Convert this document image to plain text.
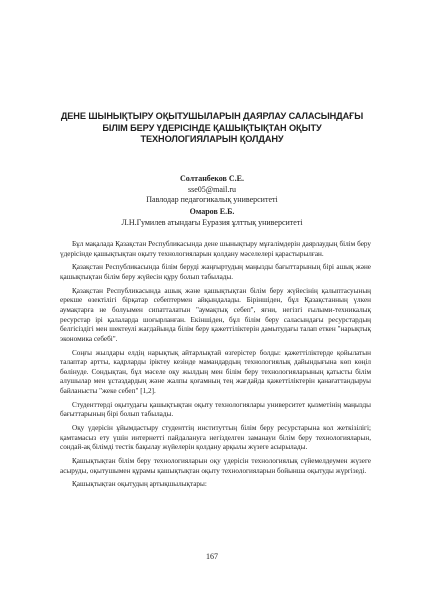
ДЕНЕ ШЫНЫҚТЫРУ ОҚЫТУШЫЛАРЫН ДАЯРЛАУ САЛАСЫНДАҒЫ
БІЛІМ БЕРУ ҮДЕРІСІНДЕ ҚАШЫҚТЫҚТАН ОҚЫТУ
ТЕХНОЛОГИЯЛАРЫН ҚОЛДАНУ
Солтанбеков С.Е.
sse05@mail.ru
Павлодар педагогикалық университеті
Омаров Е.Б.
Л.Н.Гумилев атындағы Еуразия ұлттық университеті

Бұл мақалада Қазақстан Республикасында дене шынықтыру мұғалімдерін даярлаудың білім беру үдерісінде қашықтықтан оқыту технологияларын қолдану мәселелері қарастырылған.

Қазақстан Республикасында білім беруді жаңғыртудың маңызды бағыттарының бірі ашық және қашықтықтан білім беру жүйесін құру болып табылады.

Қазақстан Республикасында ашық және қашықтықтан білім беру жүйесінің қалыптасуының ерекше өзектілігі бірқатар себептермен айқындалады. Біріншіден, бұл Қазақстанның үлкен аумақтарға не болуымен сипатталатын "аумақтық себеп", яғни, негізгі ғылыми-техникалық ресурстар ірі қалаларда шоғырланған. Екіншіден, бұл білім беру саласындағы ресурстардың белгісіздігі мен шектеулі жағдайында білім беру қажеттіліктерін дамытудағы талап еткен "нарықтық экономика себебі".

Соңғы жылдары елдің нарықтық айтарлықтай өзгерістер болды: қажеттіліктерде қойылатын талаптар артты, кадрларды іріктеу кезінде мамандардың технологиялық дайындығына көп көңіл бөлінуде. Сондықтан, бұл мәселе оқу жылдың мен білім беру технологияларының қатысты білім алушылар мен ұстаздардың және жалпы қоғамның тең жағдайда қажеттіліктерін қанағаттандыруы байланысты "жеке себеп" [1,2].

Студенттерді оқытудағы қашықтықтан оқыту технологиялары университет қызметінің маңызды бағыттарының бірі болып табылады.

Оқу үдерісін ұйымдастыру студенттің институттың білім беру ресурстарына кол жеткізілігі; қамтамасыз ету үшін интернетті пайдалануға негізделген заманауи білім беру технологияларын, сондай-ақ білімді тестік бақылау жүйелерін қолдану арқылы жүзеге асырылады.

Қашықтықтан білім беру технологияларын оқу үдерісін технологиялық сүйемелдеумен жүзеге асыруды, оқытушымен құрамы қашықтықтан оқыту технологияларын бойынша оқытуды жүргізеді.

Қашықтықтан оқытудың артықшылықтары:

167
